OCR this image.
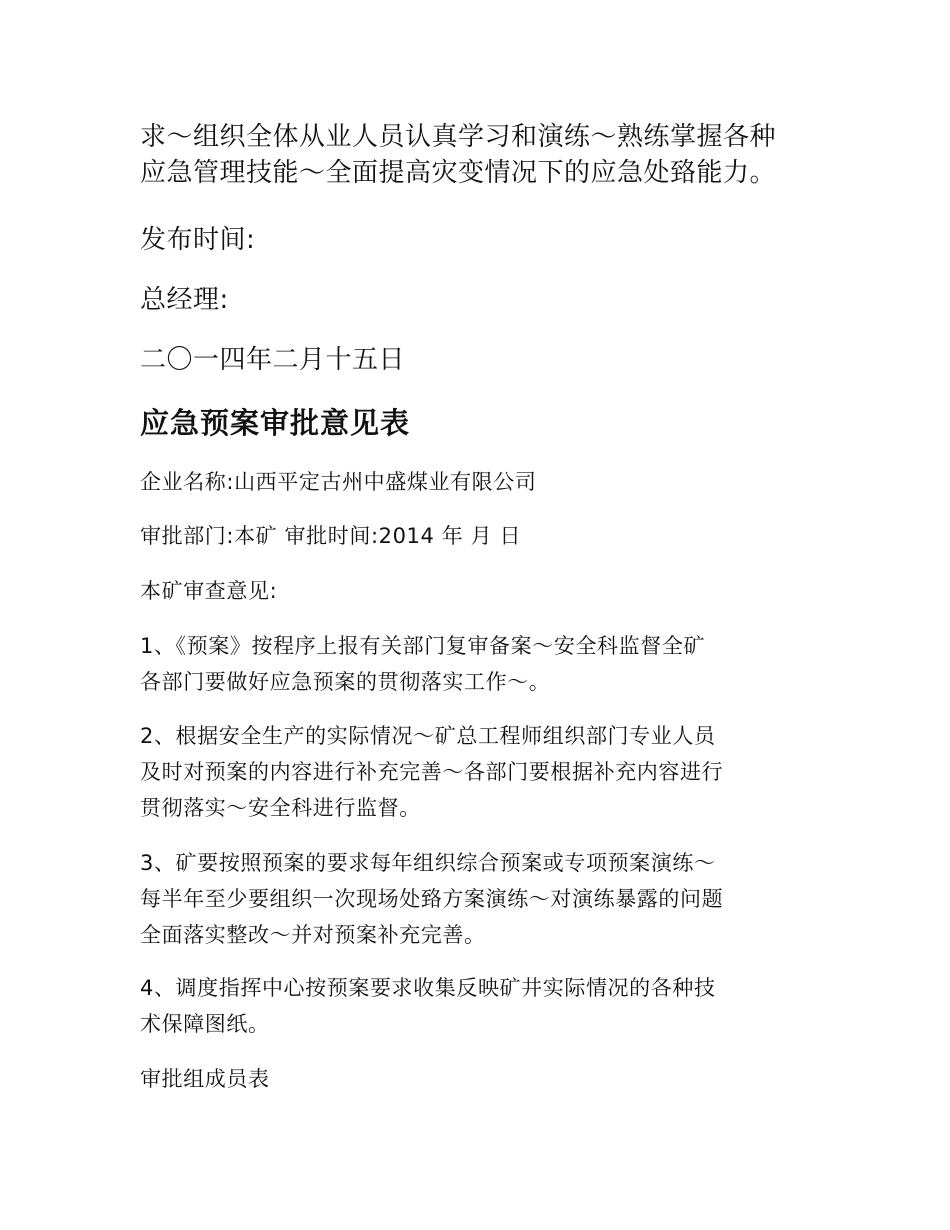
求～组织全体从业人员认真学习和演练～熟练掌握各种

应急管理技能～全面提高灾变情况下的应急处臵能力。

发布时间:

总经理:

二〇一四年二月十五日

应急预案审批意见表

企业名称:山西平定古州中盛煤业有限公司

审批部门:本矿 审批时间:2014 年 月 日

本矿审查意见:

1、《预案》按程序上报有关部门复审备案～安全科监督全矿

各部门要做好应急预案的贯彻落实工作～。

2、根据安全生产的实际情况～矿总工程师组织部门专业人员

及时对预案的内容进行补充完善～各部门要根据补充内容进行

贯彻落实～安全科进行监督。

3、矿要按照预案的要求每年组织综合预案或专项预案演练～

每半年至少要组织一次现场处臵方案演练～对演练暴露的问题

全面落实整改～并对预案补充完善。

4、调度指挥中心按预案要求收集反映矿井实际情况的各种技

术保障图纸。

审批组成员表
